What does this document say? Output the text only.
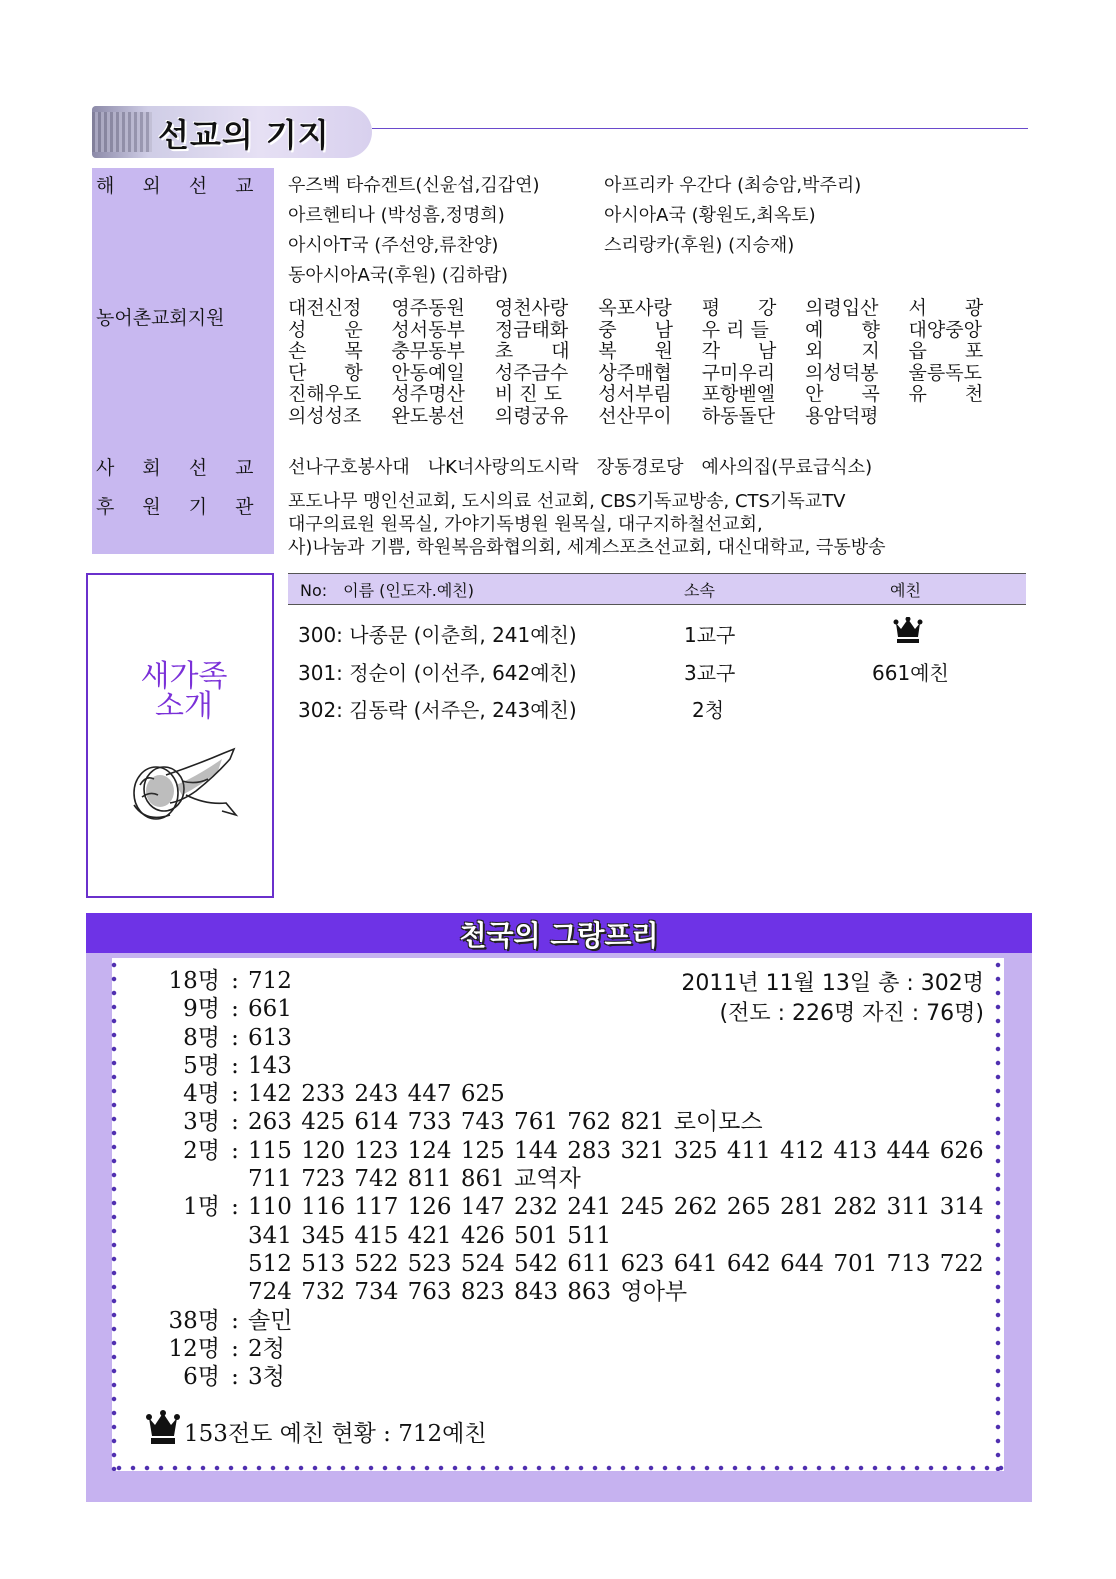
선교의 기지
해 외 선 교 우즈벡 타슈겐트(신윤섭,김갑연)	아프리카 우간다 (최승암,박주리)
아르헨티나 (박성흠,정명희)	아시아A국 (황원도,최옥토)
아시아T국 (주선양,류찬양)	스리랑카(후원) (지승재)
동아시아A국(후원) (김하람)
농어촌교회지원	대전신정	영주동원	영천사랑	옥포사랑	평　　강	의령입산	서　　광
성　　운	성서동부	정금태화	중　　남	우 리 들	예　　향	대양중앙
손　　목	충무동부	초　　대	복　　원	각　　남	외　　지	읍　　포
단　　항	안동예일	성주금수	상주매협	구미우리	의성덕봉	울릉독도
진해우도	성주명산	비 진 도	성서부림	포항벧엘	안　　곡	유　　천
의성성조	완도봉선	의령궁유	선산무이	하동돌단	용암덕평
사 회 선 교 선나구호봉사대　나K너사랑의도시락　장동경로당　예사의집(무료급식소)
후 원 기 관 포도나무 맹인선교회, 도시의료 선교회, CBS기독교방송, CTS기독교TV
대구의료원 원목실, 가야기독병원 원목실, 대구지하철선교회,
사)나눔과 기쁨, 학원복음화협의회, 세계스포츠선교회, 대신대학교, 극동방송
새가족
소개
No:　이름 (인도자.예친)	소속	예친
300: 나종문 (이춘희, 241예친)	1교구
301: 정순이 (이선주, 642예친)	3교구	661예친
302: 김동락 (서주은, 243예친)	2청
천국의 그랑프리
2011년 11월 13일 총 : 302명
(전도 : 226명 자진 : 76명)
18명 : 712
9명 : 661
8명 : 613
5명 : 143
4명 : 142 233 243 447 625
3명 : 263 425 614 733 743 761 762 821 로이모스
2명 : 115 120 123 124 125 144 283 321 325 411 412 413 444 626
711 723 742 811 861 교역자
1명 : 110 116 117 126 147 232 241 245 262 265 281 282 311 314
341 345 415 421 426 501 511
512 513 522 523 524 542 611 623 641 642 644 701 713 722
724 732 734 763 823 843 863 영아부
38명 : 솔민
12명 : 2청
6명 : 3청
153전도 예친 현황 : 712예친
